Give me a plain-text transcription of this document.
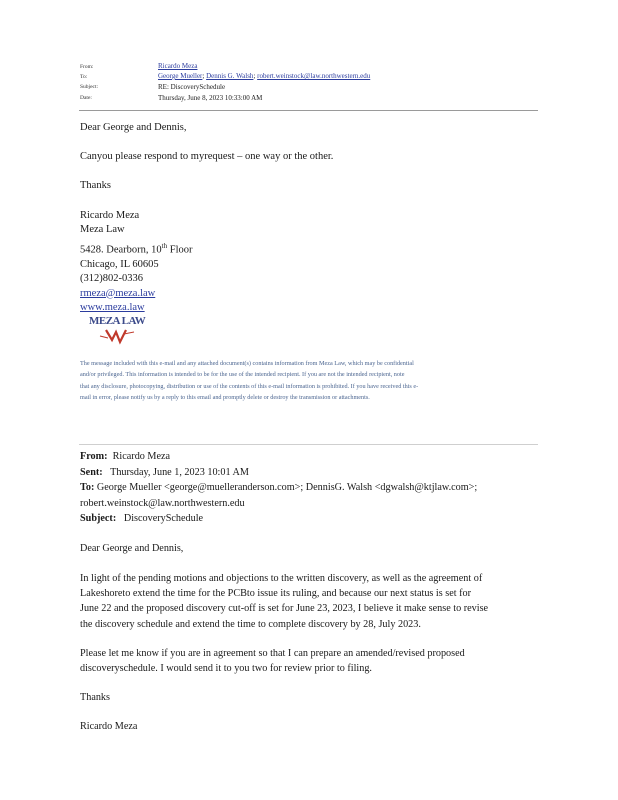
From:	Ricardo Meza
To:	George Mueller; Dennis G. Walsh; robert.weinstock@law.northwestern.edu
Subject:	RE: DiscoverySchedule
Date:	Thursday, June 8, 2023 10:33:00 AM
Dear George and Dennis,
Canyou please respond to myrequest – one way or the other.
Thanks
Ricardo Meza
Meza Law
5428. Dearborn, 10th Floor
Chicago, IL 60605
(312)802-0336
rmeza@meza.law
www.meza.law
MEZA LAW
The message included with this e-mail and any attached document(s) contains information from Meza Law, which may be confidential
and/or privileged. This information is intended to be for the use of the intended recipient. If you are not the intended recipient, note
that any disclosure, photocopying, distribution or use of the contents of this e-mail information is prohibited. If you have received this e-
mail in error, please notify us by a reply to this email and promptly delete or destroy the transmission or attachments.
From: Ricardo Meza
Sent: Thursday, June 1, 2023 10:01 AM
To: George Mueller <george@muelleranderson.com>; DennisG. Walsh <dgwalsh@ktjlaw.com>;
robert.weinstock@law.northwestern.edu
Subject: DiscoverySchedule
Dear George and Dennis,
In light of the pending motions and objections to the written discovery, as well as the agreement of
Lakeshoreto extend the time for the PCBto issue its ruling, and because our next status is set for
June 22 and the proposed discovery cut-off is set for June 23, 2023, I believe it make sense to revise
the discovery schedule and extend the time to complete discovery by 28, July 2023.
Please let me know if you are in agreement so that I can prepare an amended/revised proposed
discoveryschedule. I would send it to you two for review prior to filing.
Thanks
Ricardo Meza
